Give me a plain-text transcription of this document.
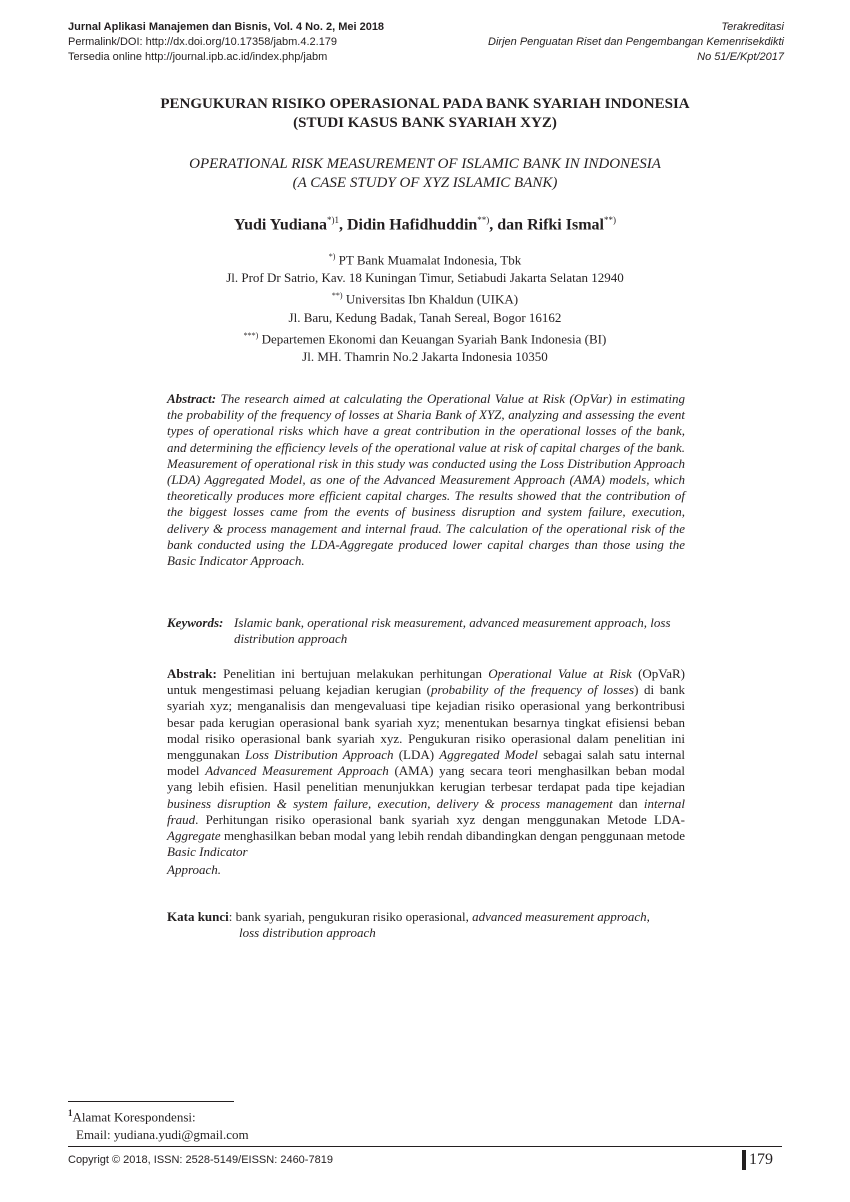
Jurnal Aplikasi Manajemen dan Bisnis, Vol. 4 No. 2, Mei 2018
Permalink/DOI: http://dx.doi.org/10.17358/jabm.4.2.179
Tersedia online http://journal.ipb.ac.id/index.php/jabm
Terakreditasi
Dirjen Penguatan Riset dan Pengembangan Kemenrisekdikti
No 51/E/Kpt/2017
PENGUKURAN RISIKO OPERASIONAL PADA BANK SYARIAH INDONESIA
(STUDI KASUS BANK SYARIAH XYZ)
OPERATIONAL RISK MEASUREMENT OF ISLAMIC BANK IN INDONESIA
(A CASE STUDY OF XYZ ISLAMIC BANK)
Yudi Yudiana$^{*)1}$, Didin Hafidhuddin**), dan Rifki Ismal**)
*) PT Bank Muamalat Indonesia, Tbk
Jl. Prof Dr Satrio, Kav. 18 Kuningan Timur, Setiabudi Jakarta Selatan 12940
**) Universitas Ibn Khaldun (UIKA)
Jl. Baru, Kedung Badak, Tanah Sereal, Bogor 16162
***) Departemen Ekonomi dan Keuangan Syariah Bank Indonesia (BI)
Jl. MH. Thamrin No.2 Jakarta Indonesia 10350
Abstract: The research aimed at calculating the Operational Value at Risk (OpVar) in estimating the probability of the frequency of losses at Sharia Bank of XYZ, analyzing and assessing the event types of operational risks which have a great contribution in the operational losses of the bank, and determining the efficiency levels of the operational value at risk of capital charges of the bank. Measurement of operational risk in this study was conducted using the Loss Distribution Approach (LDA) Aggregated Model, as one of the Advanced Measurement Approach (AMA) models, which theoretically produces more efficient capital charges. The results showed that the contribution of the biggest losses came from the events of business disruption and system failure, execution, delivery & process management and internal fraud. The calculation of the operational risk of the bank conducted using the LDA-Aggregate produced lower capital charges than those using the Basic Indicator Approach.
Keywords: Islamic bank, operational risk measurement, advanced measurement approach, loss distribution approach
Abstrak: Penelitian ini bertujuan melakukan perhitungan Operational Value at Risk (OpVaR) untuk mengestimasi peluang kejadian kerugian (probability of the frequency of losses) di bank syariah xyz; menganalisis dan mengevaluasi tipe kejadian risiko operasional yang berkontribusi besar pada kerugian operasional bank syariah xyz; menentukan besarnya tingkat efisiensi beban modal risiko operasional bank syariah xyz. Pengukuran risiko operasional dalam penelitian ini menggunakan Loss Distribution Approach (LDA) Aggregated Model sebagai salah satu internal model Advanced Measurement Approach (AMA) yang secara teori menghasilkan beban modal yang lebih efisien. Hasil penelitian menunjukkan kerugian terbesar terdapat pada tipe kejadian business disruption & system failure, execution, delivery & process management dan internal fraud. Perhitungan risiko operasional bank syariah xyz dengan menggunakan Metode LDA-Aggregate menghasilkan beban modal yang lebih rendah dibandingkan dengan penggunaan metode Basic Indicator
Approach.
Kata kunci: bank syariah, pengukuran risiko operasional, advanced measurement approach,
loss distribution approach
$^1$Alamat Korespondensi:
Email: yudiana.yudi@gmail.com
Copyrigt © 2018, ISSN: 2528-5149/EISSN: 2460-7819	179
